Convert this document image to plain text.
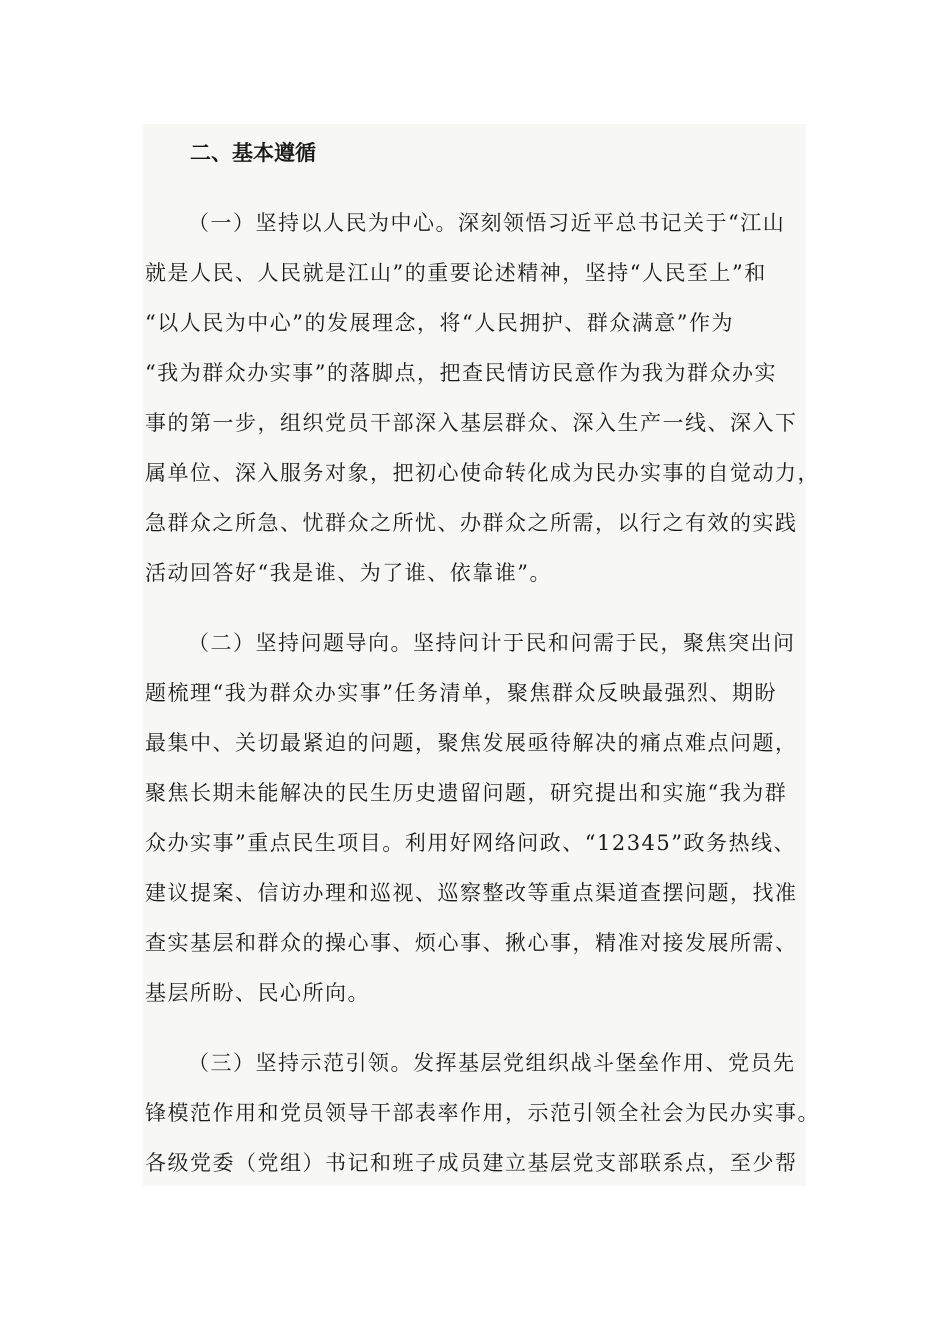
二、基本遵循
（一）坚持以人民为中心。深刻领悟习近平总书记关于“江山
就是人民、人民就是江山”的重要论述精神，坚持“人民至上”和
“以人民为中心”的发展理念，将“人民拥护、群众满意”作为
“我为群众办实事”的落脚点，把查民情访民意作为我为群众办实
事的第一步，组织党员干部深入基层群众、深入生产一线、深入下
属单位、深入服务对象，把初心使命转化成为民办实事的自觉动力，
急群众之所急、忧群众之所忧、办群众之所需，以行之有效的实践
活动回答好“我是谁、为了谁、依靠谁”。
（二）坚持问题导向。坚持问计于民和问需于民，聚焦突出问
题梳理“我为群众办实事”任务清单，聚焦群众反映最强烈、期盼
最集中、关切最紧迫的问题，聚焦发展亟待解决的痛点难点问题，
聚焦长期未能解决的民生历史遗留问题，研究提出和实施“我为群
众办实事”重点民生项目。利用好网络问政、“12345”政务热线、
建议提案、信访办理和巡视、巡察整改等重点渠道查摆问题，找准
查实基层和群众的操心事、烦心事、揪心事，精准对接发展所需、
基层所盼、民心所向。
（三）坚持示范引领。发挥基层党组织战斗堡垒作用、党员先
锋模范作用和党员领导干部表率作用，示范引领全社会为民办实事。
各级党委（党组）书记和班子成员建立基层党支部联系点，至少帮
